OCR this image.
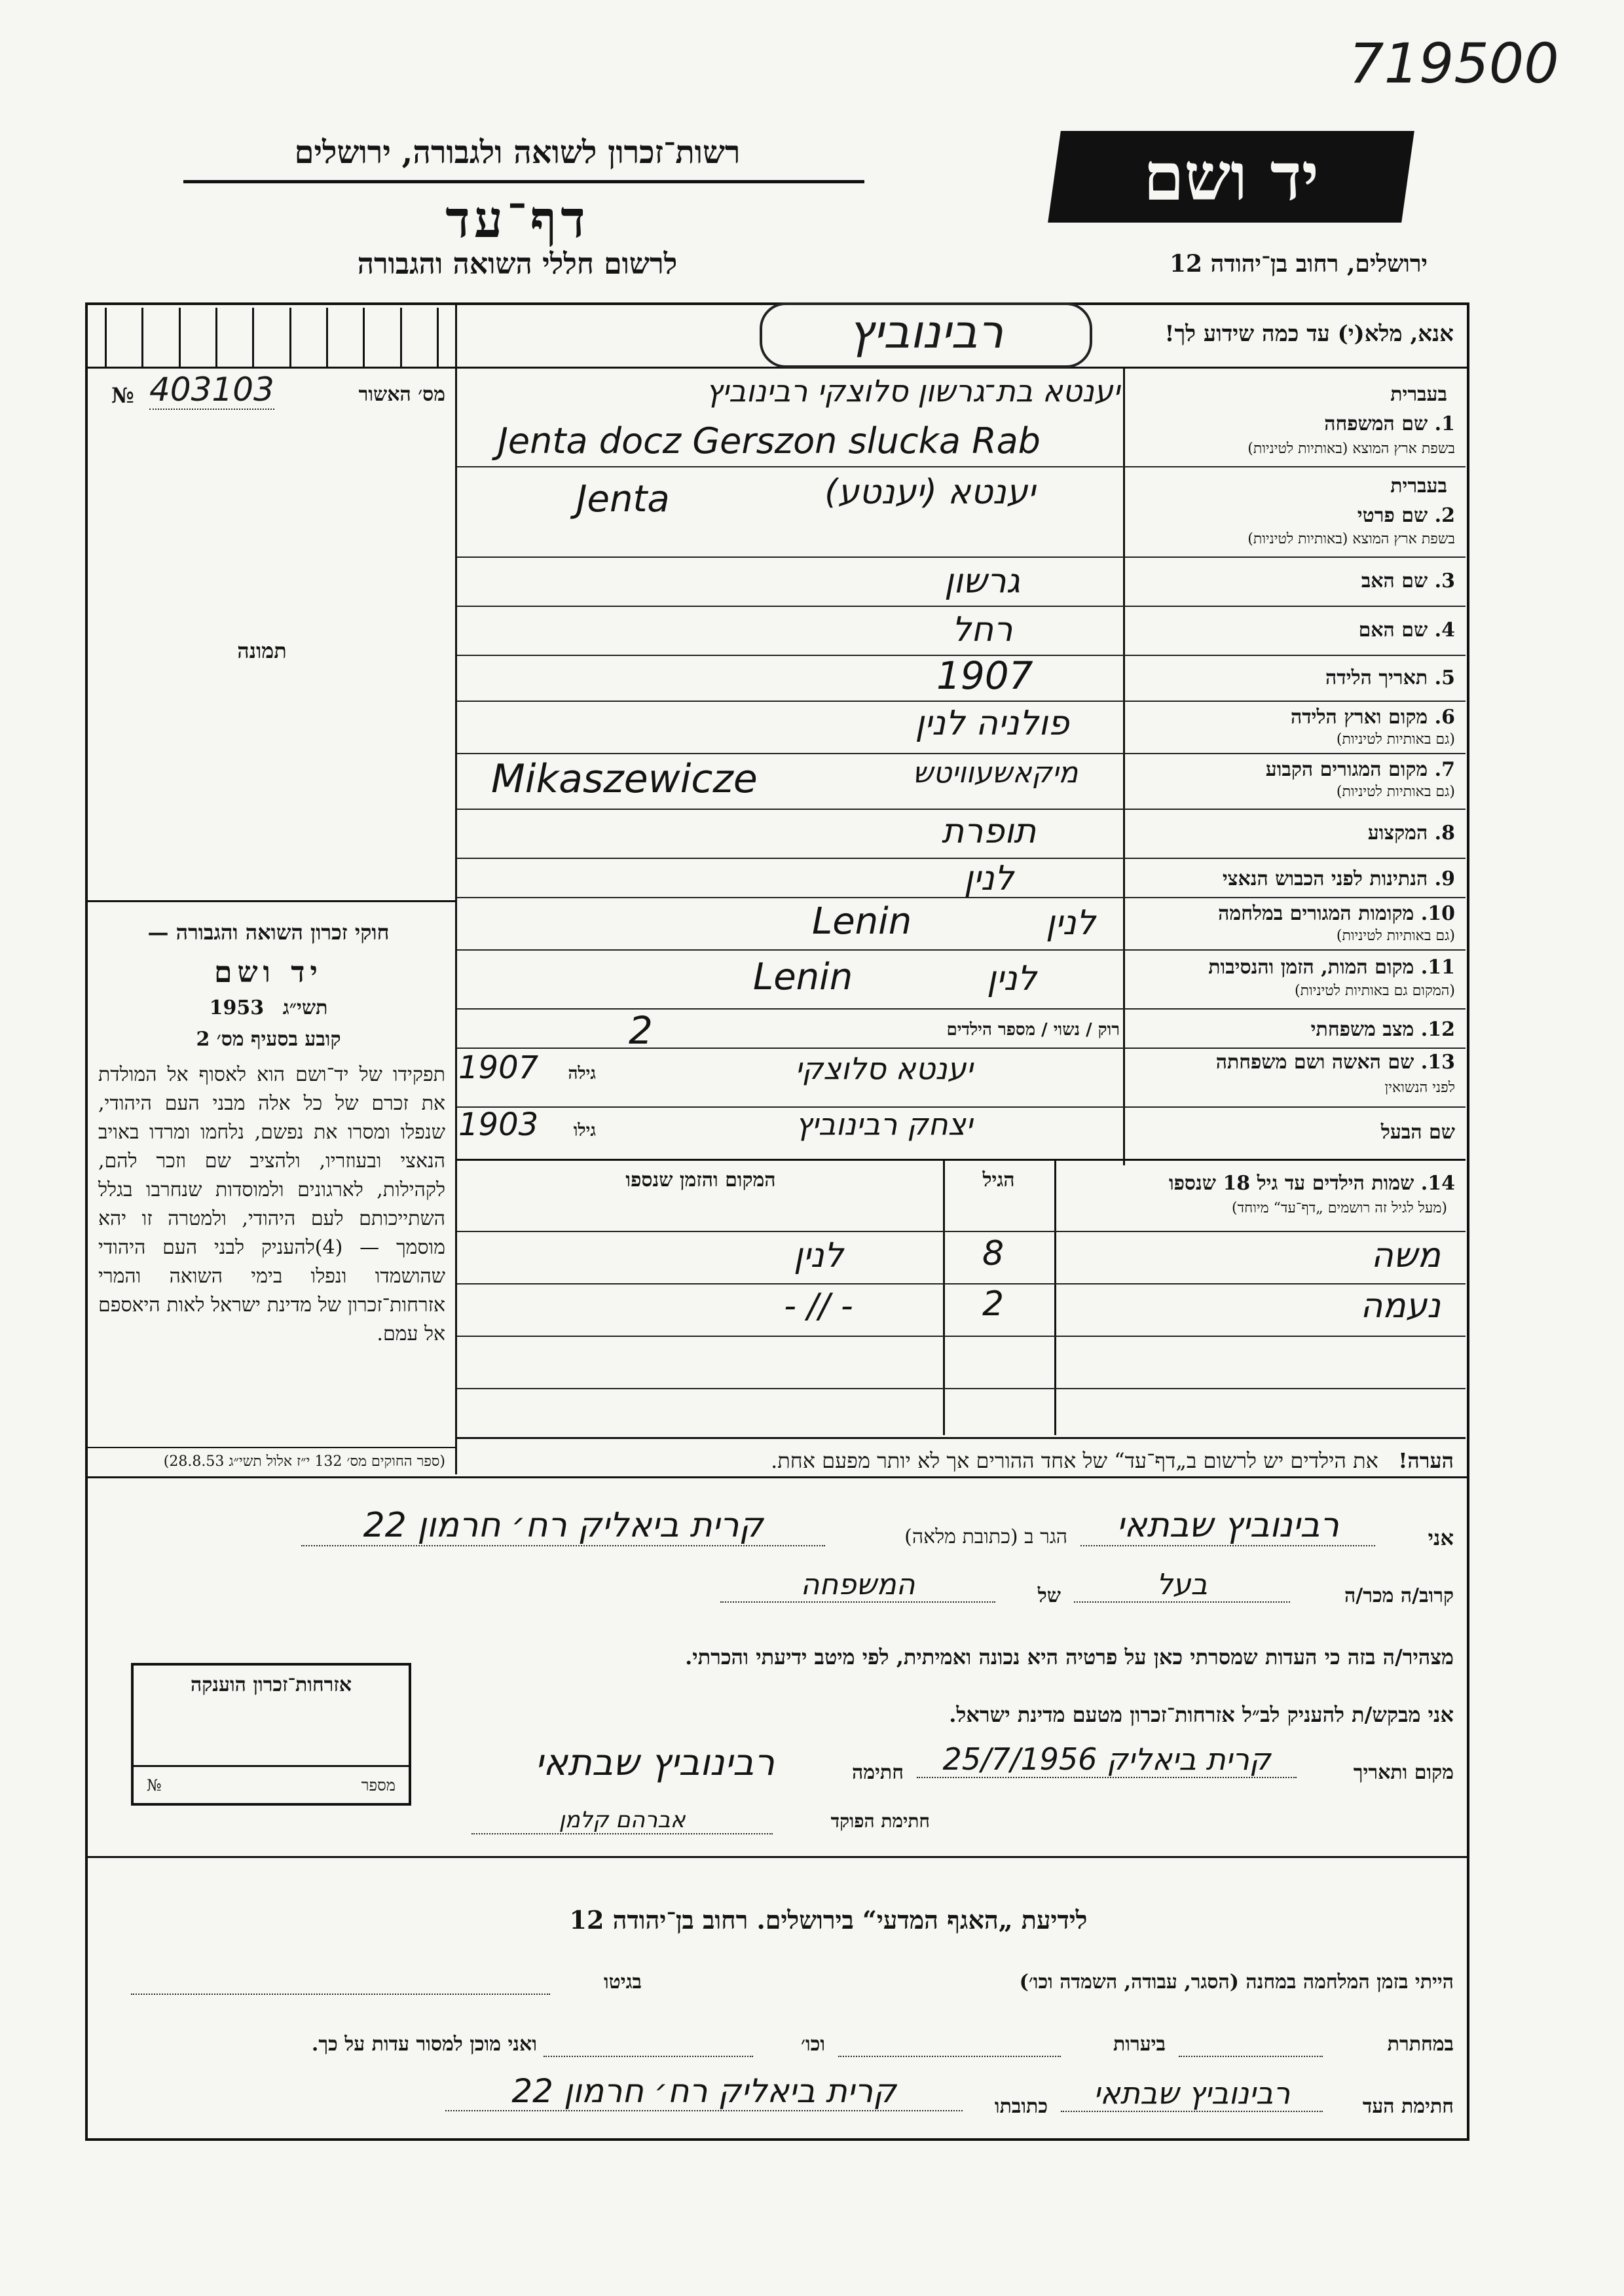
719500
רשות־זכרון לשואה ולגבורה, ירושלים
דף־עד
לרשום חללי השואה והגבורה
יד ושם
ירושלים, רחוב בן־יהודה 12
אנא, מלא(י) עד כמה שידוע לך!
רבינוביץ
מס׳ האשור
№ 403103
תמונה
חוקי זכרון השואה והגבורה —
יד ושם
תשי״ג   1953
קובע בסעיף מס׳ 2
תפקידו של יד־ושם הוא לאסוף אל המולדת את זכרם של כל אלה מבני העם היהודי, שנפלו ומסרו את נפשם, נלחמו ומרדו באויב הנאצי ובעוזריו, ולהציב שם וזכר להם, לקהילות, לארגונים ולמוסדות שנחרבו בגלל השתייכותם לעם היהודי, ולמטרה זו יהא מוסמך — (4)להעניק לבני העם היהודי שהושמדו ונפלו בימי השואה והמרי אזרחות־זכרון של מדינת ישראל לאות היאספם אל עמם.
(ספר החוקים מס׳ 132 י״ז אלול תשי״ג 28.8.53)
בעברית
1. שם המשפחה
בשפת ארץ המוצא (באותיות לטיניות)
יענטא בת־גרשון סלוצקי רבינוביץ
Jenta docz Gerszon slucka Rab
בעברית
2. שם פרטי
בשפת ארץ המוצא (באותיות לטיניות)
יענטא (יענטע)
Jenta
3. שם האב
גרשון
4. שם האם
רחל
5. תאריך הלידה
1907
6. מקום וארץ הלידה
(גם באותיות לטיניות)
פולניה לנין
7. מקום המגורים הקבוע
(גם באותיות לטיניות)
מיקאשעוויטש
Mikaszewicze
8. המקצוע
תופרת
9. הנתינות לפני הכבוש הנאצי
לנין
10. מקומות המגורים במלחמה
(גם באותיות לטיניות)
לנין
Lenin
11. מקום המות, הזמן והנסיבות
(המקום גם באותיות לטיניות)
לנין
Lenin
12. מצב משפחתי
רוק / נשוי / מספר הילדים
2
13. שם האשה ושם משפחתה
לפני הנשואין
יענטא סלוצקי
גילה
1907
שם הבעל
יצחק רבינוביץ
גילו
1903
14. שמות הילדים עד גיל 18 שנספו
(מעל לגיל זה רושמים „דף־עד“ מיוחד)
הגיל
המקום והזמן שנספו
משה
8
לנין
נעמה
2
- // -
הערה!   את הילדים יש לרשום ב„דף־עד“ של אחד ההורים אך לא יותר מפעם אחת.
אני
רבינוביץ שבתאי
הגר ב (כתובת מלאה)
קרית ביאליק רח׳ חרמון 22
קרוב/ה מכר/ה
בעל
של
המשפחה
מצהיר/ה בזה כי העדות שמסרתי כאן על פרטיה היא נכונה ואמיתית, לפי מיטב ידיעתי והכרתי.
אני מבקש/ת להעניק לב״ל אזרחות־זכרון מטעם מדינת ישראל.
מקום ותאריך
קרית ביאליק 25/7/1956
חתימה
רבינוביץ שבתאי
חתימת הפוקד
אברהם קלמן
אזרחות־זכרון הוענקה
№	מספר
לידיעת „האגף המדעי“ בירושלים. רחוב בן־יהודה 12
הייתי בזמן המלחמה במחנה (הסגר, עבודה, השמדה וכו׳)
בגיטו
במחתרת
ביערות
וכו׳
ואני מוכן למסור עדות על כך.
חתימת העד
רבינוביץ שבתאי
כתובתו
קרית ביאליק רח׳ חרמון 22
